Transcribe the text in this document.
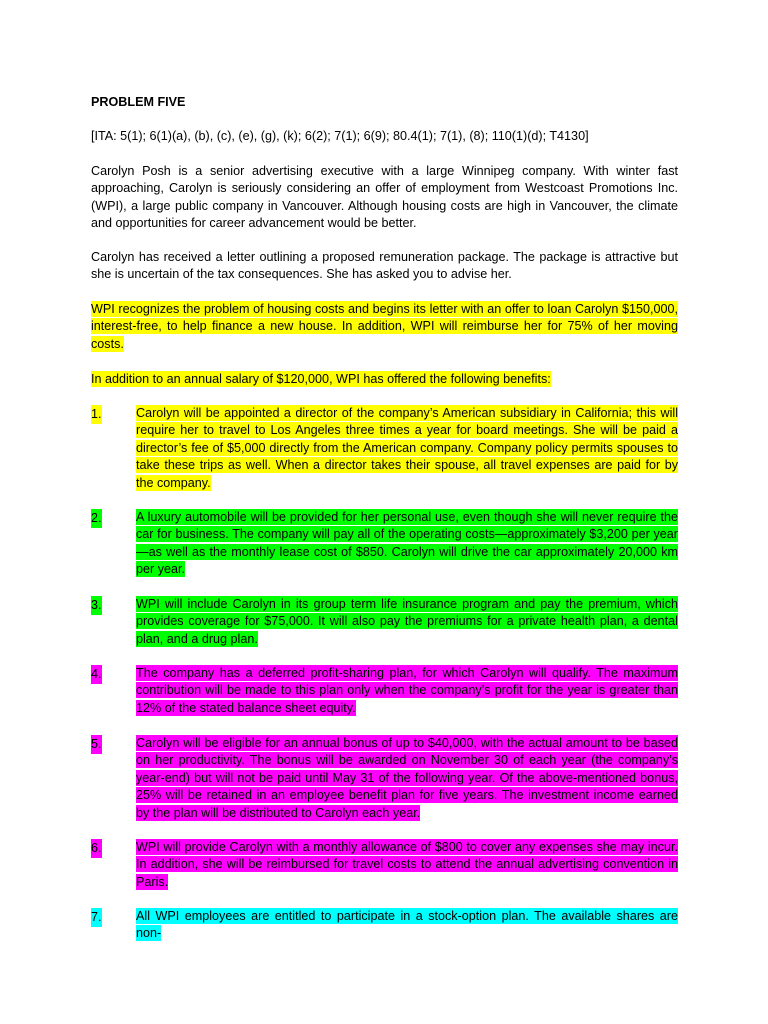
PROBLEM FIVE
[ITA: 5(1); 6(1)(a), (b), (c), (e), (g), (k); 6(2); 7(1); 6(9); 80.4(1); 7(1), (8); 110(1)(d); T4130]
Carolyn Posh is a senior advertising executive with a large Winnipeg company. With winter fast approaching, Carolyn is seriously considering an offer of employment from Westcoast Promotions Inc. (WPI), a large public company in Vancouver. Although housing costs are high in Vancouver, the climate and opportunities for career advancement would be better.
Carolyn has received a letter outlining a proposed remuneration package. The package is attractive but she is uncertain of the tax consequences. She has asked you to advise her.
WPI recognizes the problem of housing costs and begins its letter with an offer to loan Carolyn $150,000, interest-free, to help finance a new house. In addition, WPI will reimburse her for 75% of her moving costs.
In addition to an annual salary of $120,000, WPI has offered the following benefits:
1.	Carolyn will be appointed a director of the company’s American subsidiary in California; this will require her to travel to Los Angeles three times a year for board meetings. She will be paid a director’s fee of $5,000 directly from the American company. Company policy permits spouses to take these trips as well. When a director takes their spouse, all travel expenses are paid for by the company.
2.	A luxury automobile will be provided for her personal use, even though she will never require the car for business. The company will pay all of the operating costs—approximately $3,200 per year—as well as the monthly lease cost of $850. Carolyn will drive the car approximately 20,000 km per year.
3.	WPI will include Carolyn in its group term life insurance program and pay the premium, which provides coverage for $75,000. It will also pay the premiums for a private health plan, a dental plan, and a drug plan.
4.	The company has a deferred profit-sharing plan, for which Carolyn will qualify. The maximum contribution will be made to this plan only when the company’s profit for the year is greater than 12% of the stated balance sheet equity.
5.	Carolyn will be eligible for an annual bonus of up to $40,000, with the actual amount to be based on her productivity. The bonus will be awarded on November 30 of each year (the company’s year-end) but will not be paid until May 31 of the following year. Of the above-mentioned bonus, 25% will be retained in an employee benefit plan for five years. The investment income earned by the plan will be distributed to Carolyn each year.
6.	WPI will provide Carolyn with a monthly allowance of $800 to cover any expenses she may incur. In addition, she will be reimbursed for travel costs to attend the annual advertising convention in Paris.
7.	All WPI employees are entitled to participate in a stock-option plan. The available shares are non-
